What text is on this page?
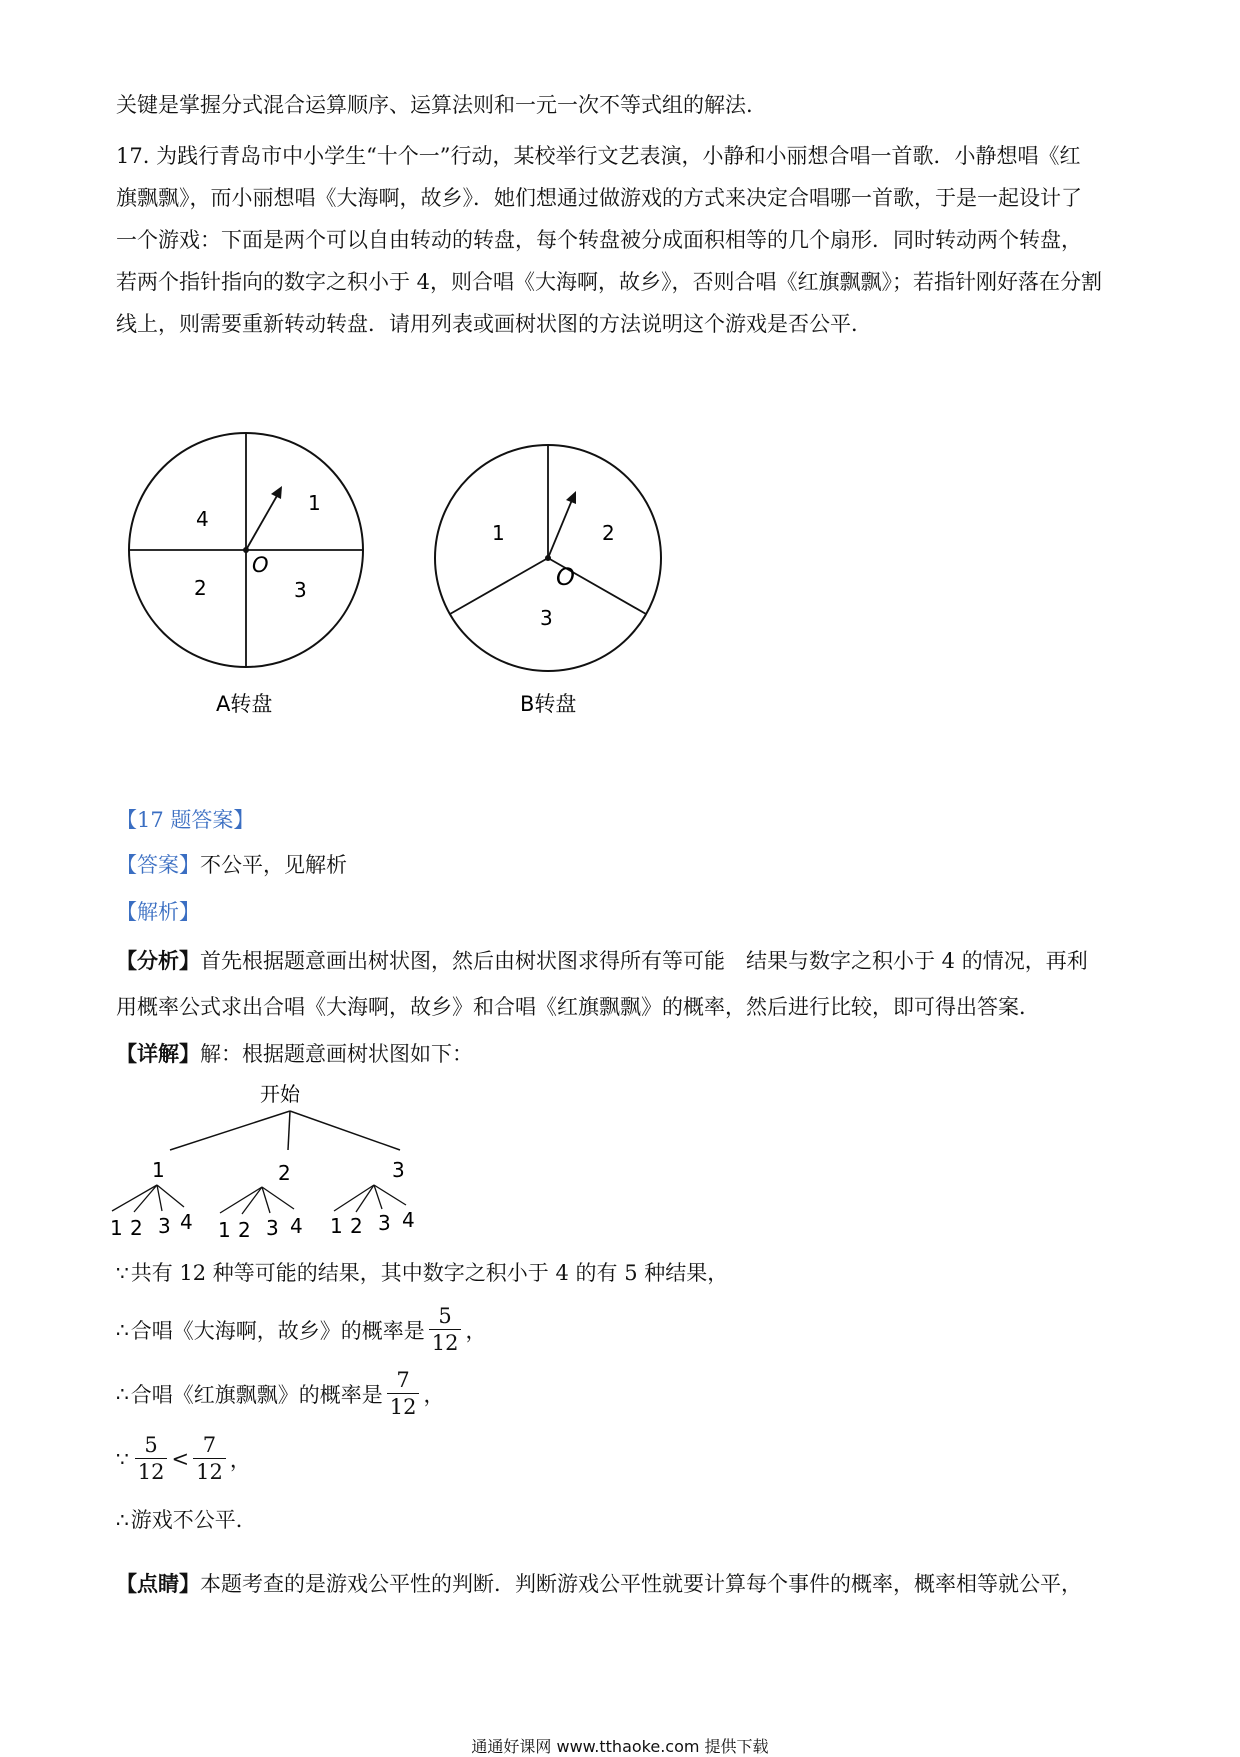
关键是掌握分式混合运算顺序、运算法则和一元一次不等式组的解法.

17. 为践行青岛市中小学生“十个一”行动，某校举行文艺表演，小静和小丽想合唱一首歌．小静想唱《红

旗飘飘》，而小丽想唱《大海啊，故乡》．她们想通过做游戏的方式来决定合唱哪一首歌，于是一起设计了

一个游戏：下面是两个可以自由转动的转盘，每个转盘被分成面积相等的几个扇形．同时转动两个转盘，

若两个指针指向的数字之积小于 4，则合唱《大海啊，故乡》，否则合唱《红旗飘飘》；若指针刚好落在分割

线上，则需要重新转动转盘．请用列表或画树状图的方法说明这个游戏是否公平．

O
1
3
2
4
A转盘
O
2
3
1
B转盘
【17 题答案】
【答案】不公平，见解析
【解析】
【分析】首先根据题意画出树状图，然后由树状图求得所有等可能　结果与数字之积小于 4 的情况，再利
用概率公式求出合唱《大海啊，故乡》和合唱《红旗飘飘》的概率，然后进行比较，即可得出答案．
【详解】解：根据题意画树状图如下：
开始
1	2	3
1 2 3 4 1 2 3 4 1 2 3 4
∵共有 12 种等可能的结果，其中数字之积小于 4 的有 5 种结果，
∴ 合唱《大海啊，故乡》的概率是 $\frac{5}{12}$ ，
∴ 合唱《红旗飘飘》的概率是 $\frac{7}{12}$ ，
∵ $\frac{5}{12} < \frac{7}{12}$ ，
∴游戏不公平．
【点睛】本题考查的是游戏公平性的判断．判断游戏公平性就要计算每个事件的概率，概率相等就公平，
通通好课网 www.tthaoke.com 提供下载
